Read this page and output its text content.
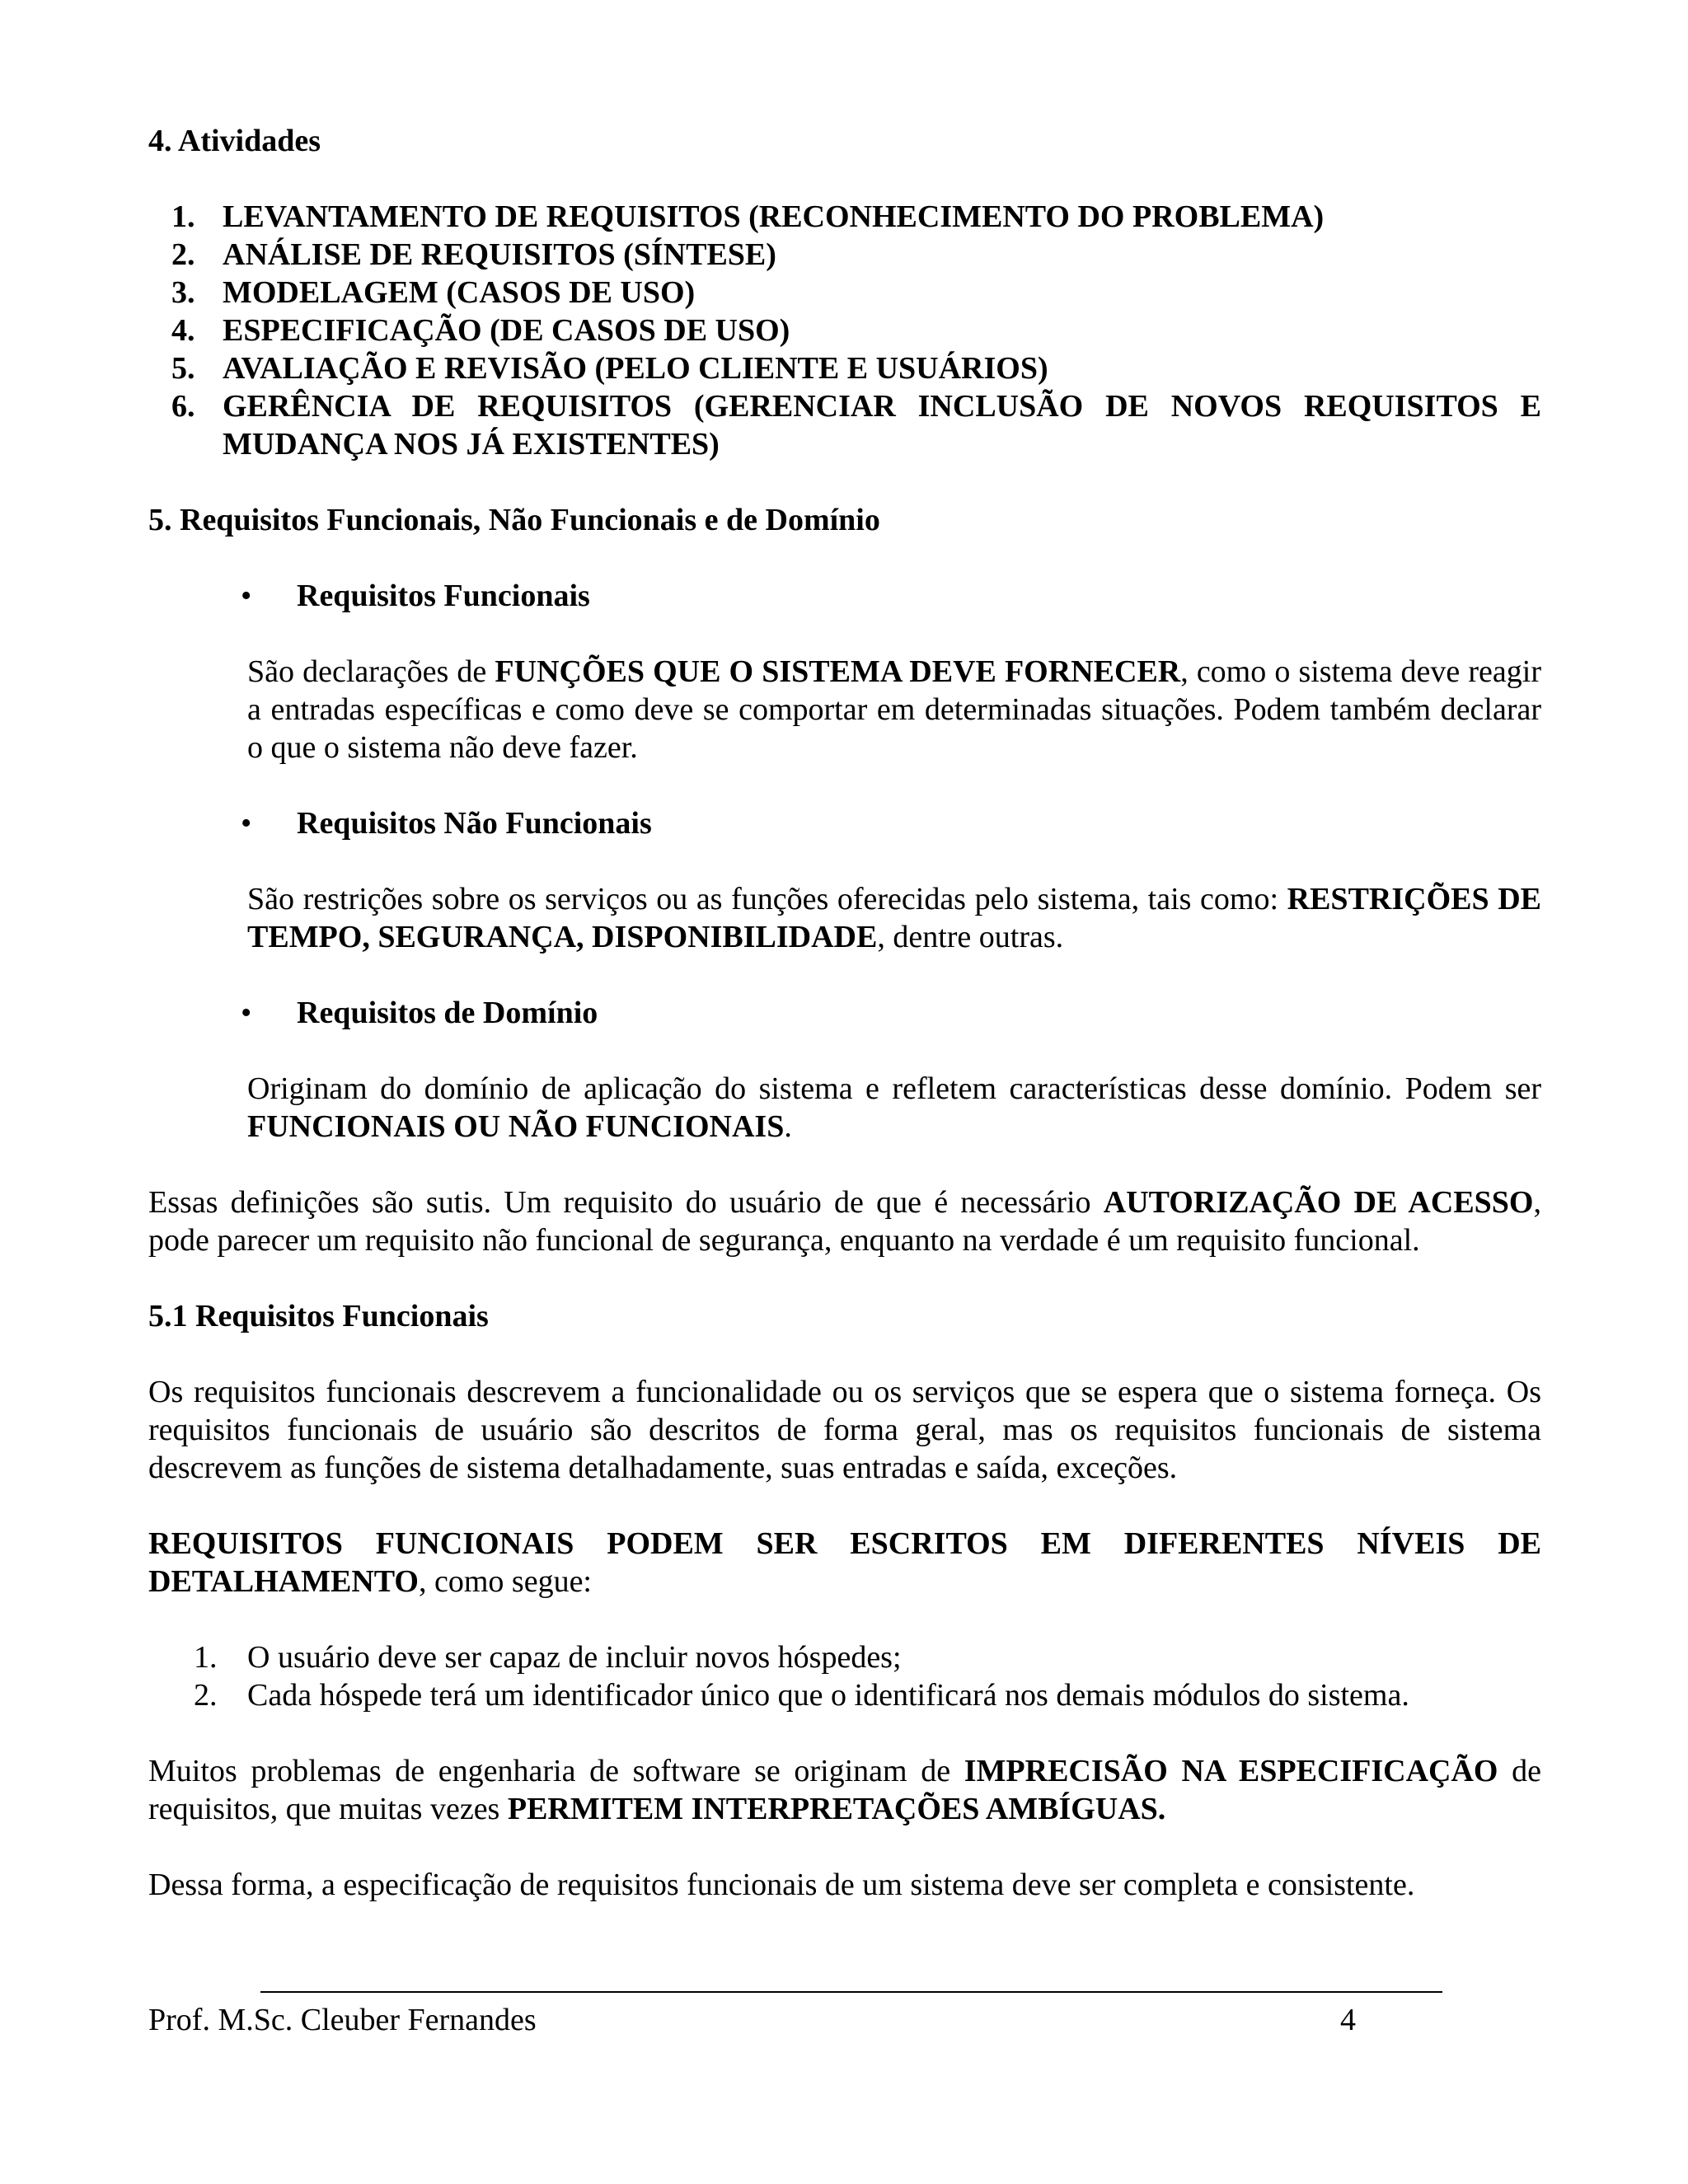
4. Atividades

1. LEVANTAMENTO DE REQUISITOS (RECONHECIMENTO DO PROBLEMA)
2. ANÁLISE DE REQUISITOS (SÍNTESE)
3. MODELAGEM (CASOS DE USO)
4. ESPECIFICAÇÃO (DE CASOS DE USO)
5. AVALIAÇÃO E REVISÃO (PELO CLIENTE E USUÁRIOS)
6. GERÊNCIA DE REQUISITOS (GERENCIAR INCLUSÃO DE NOVOS REQUISITOS E MUDANÇA NOS JÁ EXISTENTES)

5. Requisitos Funcionais, Não Funcionais e de Domínio

• Requisitos Funcionais

São declarações de FUNÇÕES QUE O SISTEMA DEVE FORNECER, como o sistema deve reagir a entradas específicas e como deve se comportar em determinadas situações. Podem também declarar o que o sistema não deve fazer.

• Requisitos Não Funcionais

São restrições sobre os serviços ou as funções oferecidas pelo sistema, tais como: RESTRIÇÕES DE TEMPO, SEGURANÇA, DISPONIBILIDADE, dentre outras.

• Requisitos de Domínio

Originam do domínio de aplicação do sistema e refletem características desse domínio. Podem ser FUNCIONAIS OU NÃO FUNCIONAIS.

Essas definições são sutis. Um requisito do usuário de que é necessário AUTORIZAÇÃO DE ACESSO, pode parecer um requisito não funcional de segurança, enquanto na verdade é um requisito funcional.

5.1 Requisitos Funcionais

Os requisitos funcionais descrevem a funcionalidade ou os serviços que se espera que o sistema forneça. Os requisitos funcionais de usuário são descritos de forma geral, mas os requisitos funcionais de sistema descrevem as funções de sistema detalhadamente, suas entradas e saída, exceções.

REQUISITOS FUNCIONAIS PODEM SER ESCRITOS EM DIFERENTES NÍVEIS DE DETALHAMENTO, como segue:

1. O usuário deve ser capaz de incluir novos hóspedes;
2. Cada hóspede terá um identificador único que o identificará nos demais módulos do sistema.

Muitos problemas de engenharia de software se originam de IMPRECISÃO NA ESPECIFICAÇÃO de requisitos, que muitas vezes PERMITEM INTERPRETAÇÕES AMBÍGUAS.

Dessa forma, a especificação de requisitos funcionais de um sistema deve ser completa e consistente.

Prof. M.Sc. Cleuber Fernandes	4
